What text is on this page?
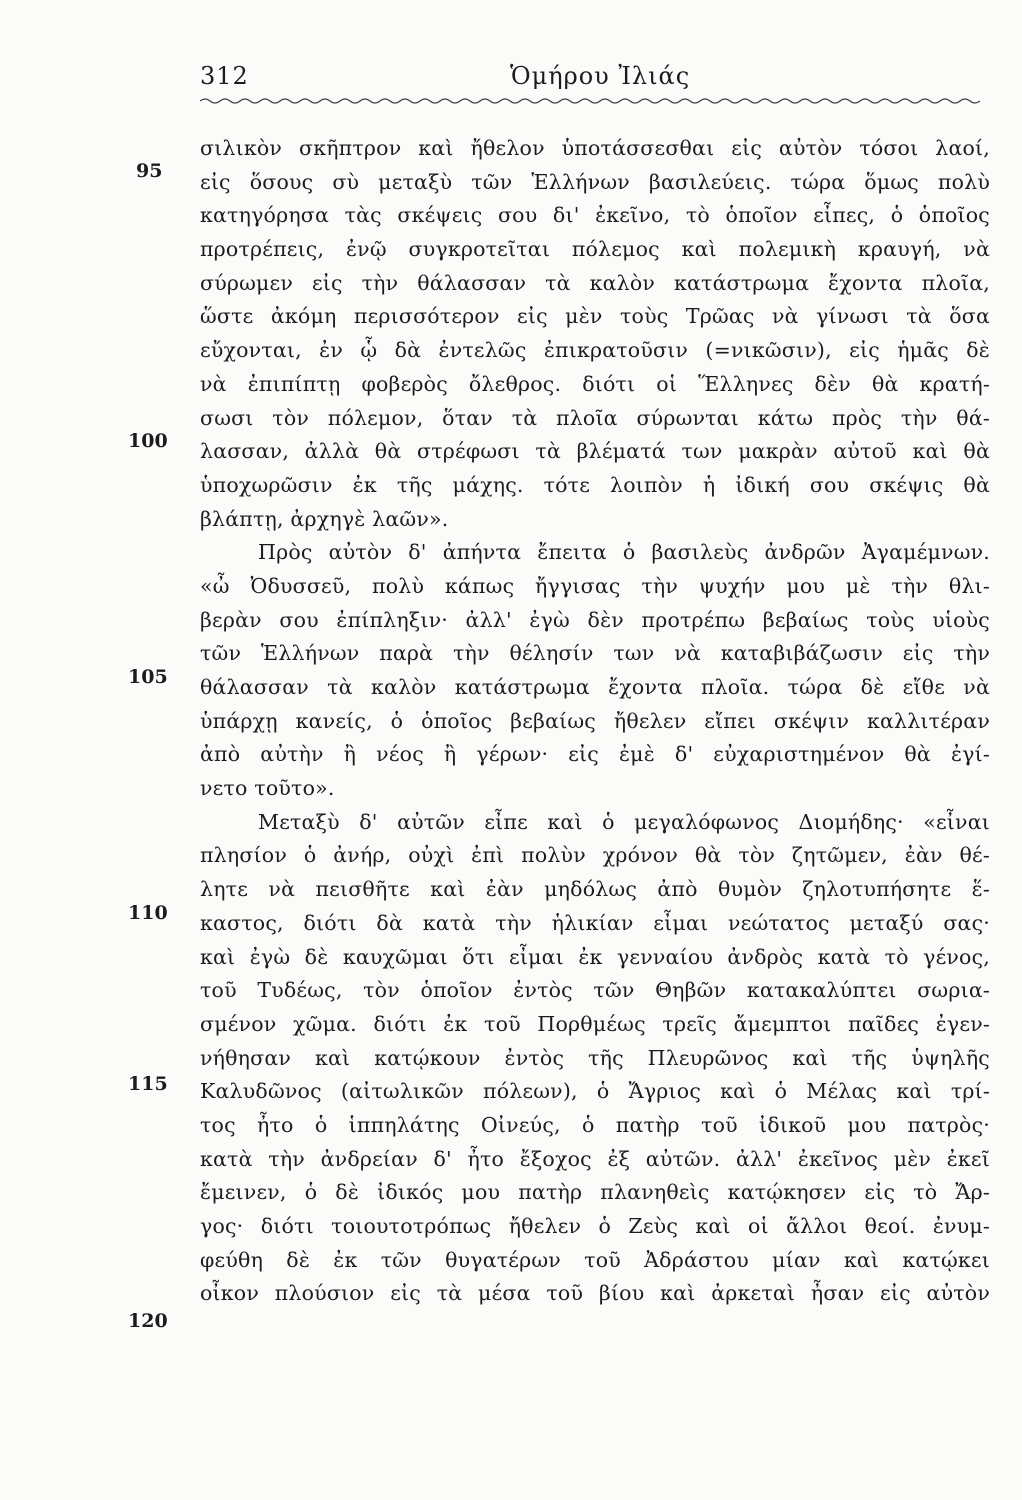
312	Ὁμήρου Ἰλιάς
95
100
105
110
115
120
σιλικὸν σκῆπτρον καὶ ἤθελον ὑποτάσσεσθαι εἰς αὐτὸν τόσοι λαοί,
εἰς ὅσους σὺ μεταξὺ τῶν Ἑλλήνων βασιλεύεις. τώρα ὅμως πολὺ
κατηγόρησα τὰς σκέψεις σου δι' ἐκεῖνο, τὸ ὁποῖον εἶπες, ὁ ὁποῖος
προτρέπεις, ἐνῷ συγκροτεῖται πόλεμος καὶ πολεμικὴ κραυγή, νὰ
σύρωμεν εἰς τὴν θάλασσαν τὰ καλὸν κατάστρωμα ἔχοντα πλοῖα,
ὥστε ἀκόμη περισσότερον εἰς μὲν τοὺς Τρῶας νὰ γίνωσι τὰ ὅσα
εὔχονται, ἐν ᾧ δὰ ἐντελῶς ἐπικρατοῦσιν (=νικῶσιν), εἰς ἡμᾶς δὲ
νὰ ἐπιπίπτῃ φοβερὸς ὄλεθρος. διότι οἱ Ἕλληνες δὲν θὰ κρατή-
σωσι τὸν πόλεμον, ὅταν τὰ πλοῖα σύρωνται κάτω πρὸς τὴν θά-
λασσαν, ἀλλὰ θὰ στρέφωσι τὰ βλέματά των μακρὰν αὐτοῦ καὶ θὰ
ὑποχωρῶσιν ἐκ τῆς μάχης. τότε λοιπὸν ἡ ἰδική σου σκέψις θὰ
βλάπτῃ, ἀρχηγὲ λαῶν».
Πρὸς αὐτὸν δ' ἀπήντα ἔπειτα ὁ βασιλεὺς ἀνδρῶν Ἀγαμέμνων.
«ὦ Ὀδυσσεῦ, πολὺ κάπως ἤγγισας τὴν ψυχήν μου μὲ τὴν θλι-
βερὰν σου ἐπίπληξιν· ἀλλ' ἐγὼ δὲν προτρέπω βεβαίως τοὺς υἱοὺς
τῶν Ἑλλήνων παρὰ τὴν θέλησίν των νὰ καταβιβάζωσιν εἰς τὴν
θάλασσαν τὰ καλὸν κατάστρωμα ἔχοντα πλοῖα. τώρα δὲ εἴθε νὰ
ὑπάρχῃ κανείς, ὁ ὁποῖος βεβαίως ἤθελεν εἴπει σκέψιν καλλιτέραν
ἀπὸ αὐτὴν ἢ νέος ἢ γέρων· εἰς ἐμὲ δ' εὐχαριστημένον θὰ ἐγί-
νετο τοῦτο».
Μεταξὺ δ' αὐτῶν εἶπε καὶ ὁ μεγαλόφωνος Διομήδης· «εἶναι
πλησίον ὁ ἀνήρ, οὐχὶ ἐπὶ πολὺν χρόνον θὰ τὸν ζητῶμεν, ἐὰν θέ-
λητε νὰ πεισθῆτε καὶ ἐὰν μηδόλως ἀπὸ θυμὸν ζηλοτυπήσητε ἕ-
καστος, διότι δὰ κατὰ τὴν ἡλικίαν εἶμαι νεώτατος μεταξύ σας·
καὶ ἐγὼ δὲ καυχῶμαι ὅτι εἶμαι ἐκ γενναίου ἀνδρὸς κατὰ τὸ γένος,
τοῦ Τυδέως, τὸν ὁποῖον ἐντὸς τῶν Θηβῶν κατακαλύπτει σωρια-
σμένον χῶμα. διότι ἐκ τοῦ Πορθμέως τρεῖς ἄμεμπτοι παῖδες ἐγεν-
νήθησαν καὶ κατῴκουν ἐντὸς τῆς Πλευρῶνος καὶ τῆς ὑψηλῆς
Καλυδῶνος (αἰτωλικῶν πόλεων), ὁ Ἄγριος καὶ ὁ Μέλας καὶ τρί-
τος ἦτο ὁ ἱππηλάτης Οἰνεύς, ὁ πατὴρ τοῦ ἰδικοῦ μου πατρὸς·
κατὰ τὴν ἀνδρείαν δ' ἦτο ἔξοχος ἐξ αὐτῶν. ἀλλ' ἐκεῖνος μὲν ἐκεῖ
ἔμεινεν, ὁ δὲ ἰδικός μου πατὴρ πλανηθεὶς κατῴκησεν εἰς τὸ Ἄρ-
γος· διότι τοιουτοτρόπως ἤθελεν ὁ Ζεὺς καὶ οἱ ἄλλοι θεοί. ἐνυμ-
φεύθη δὲ ἐκ τῶν θυγατέρων τοῦ Ἀδράστου μίαν καὶ κατῴκει
οἶκον πλούσιον εἰς τὰ μέσα τοῦ βίου καὶ ἀρκεταὶ ἦσαν εἰς αὐτὸν
